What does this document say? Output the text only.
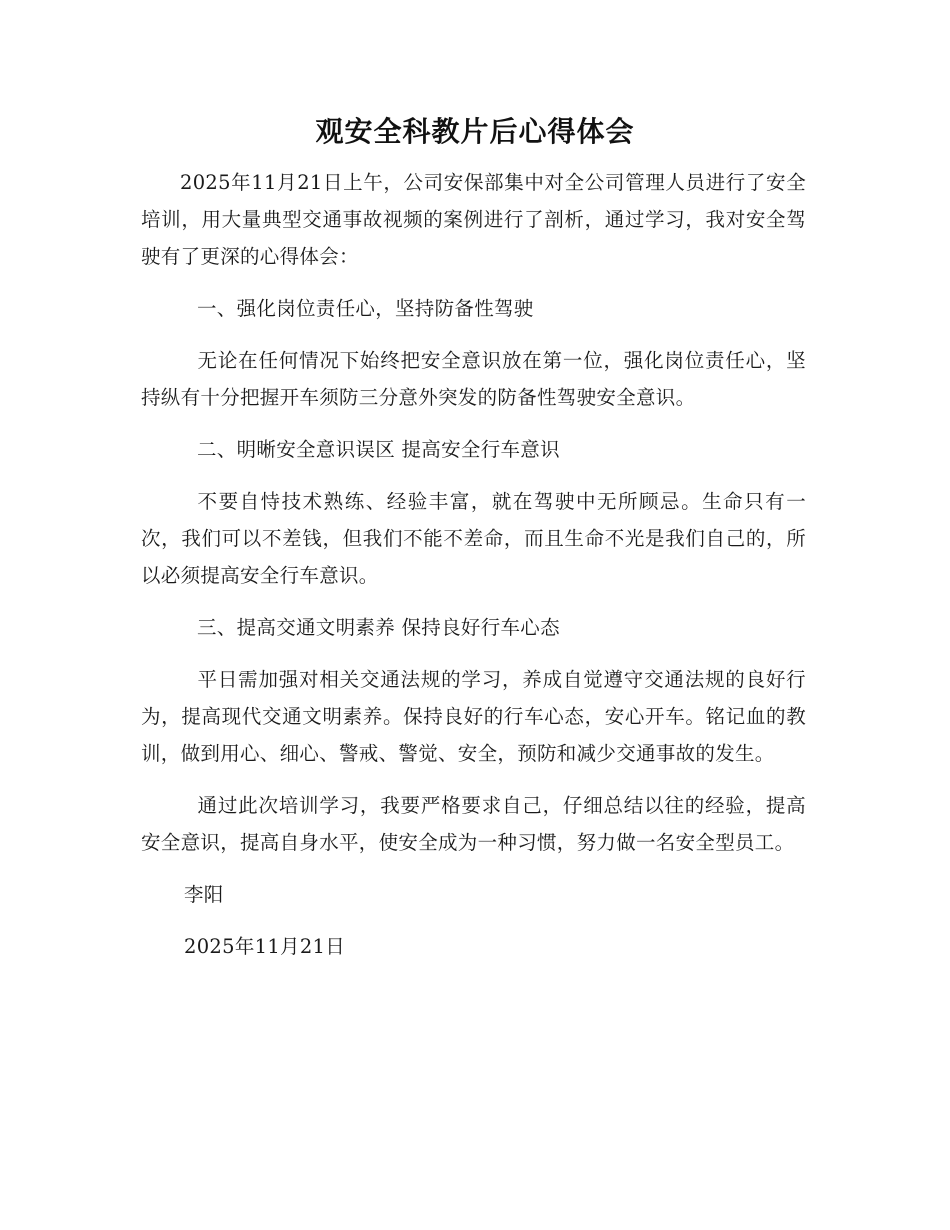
观安全科教片后心得体会

2025年11月21日上午，公司安保部集中对全公司管理人员进行了安全培训，用大量典型交通事故视频的案例进行了剖析，通过学习，我对安全驾驶有了更深的心得体会：

一、强化岗位责任心，坚持防备性驾驶

无论在任何情况下始终把安全意识放在第一位，强化岗位责任心，坚持纵有十分把握开车须防三分意外突发的防备性驾驶安全意识。

二、明晰安全意识误区 提高安全行车意识

不要自恃技术熟练、经验丰富，就在驾驶中无所顾忌。生命只有一次，我们可以不差钱，但我们不能不差命，而且生命不光是我们自己的，所以必须提高安全行车意识。

三、提高交通文明素养 保持良好行车心态

平日需加强对相关交通法规的学习，养成自觉遵守交通法规的良好行为，提高现代交通文明素养。保持良好的行车心态，安心开车。铭记血的教训，做到用心、细心、警戒、警觉、安全，预防和减少交通事故的发生。

通过此次培训学习，我要严格要求自己，仔细总结以往的经验，提高安全意识，提高自身水平，使安全成为一种习惯，努力做一名安全型员工。

李阳

2025年11月21日
